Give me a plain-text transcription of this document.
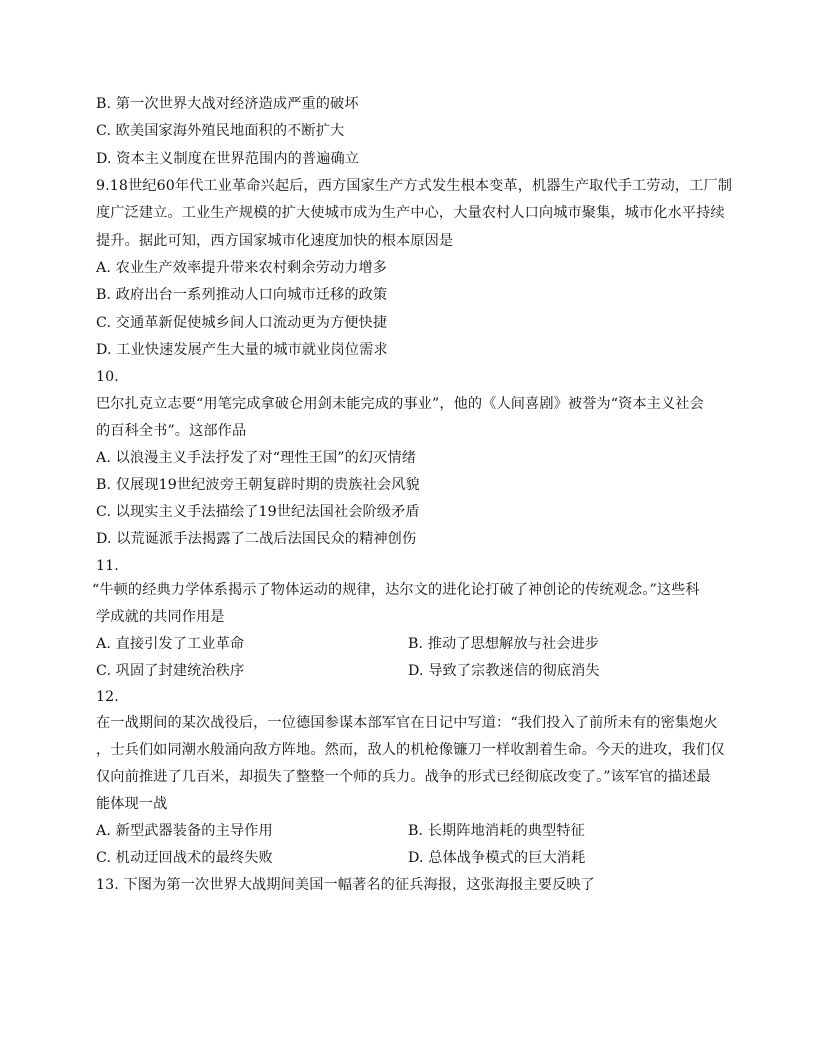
B. 第一次世界大战对经济造成严重的破坏
C. 欧美国家海外殖民地面积的不断扩大
D. 资本主义制度在世界范围内的普遍确立
9.18世纪60年代工业革命兴起后，西方国家生产方式发生根本变革，机器生产取代手工劳动，工厂制
度广泛建立。工业生产规模的扩大使城市成为生产中心，大量农村人口向城市聚集，城市化水平持续
提升。据此可知，西方国家城市化速度加快的根本原因是
A. 农业生产效率提升带来农村剩余劳动力增多
B. 政府出台一系列推动人口向城市迁移的政策
C. 交通革新促使城乡间人口流动更为方便快捷
D. 工业快速发展产生大量的城市就业岗位需求
10.
巴尔扎克立志要“用笔完成拿破仑用剑未能完成的事业”，他的《人间喜剧》被誉为“资本主义社会
的百科全书”。这部作品
A. 以浪漫主义手法抒发了对“理性王国”的幻灭情绪
B. 仅展现19世纪波旁王朝复辟时期的贵族社会风貌
C. 以现实主义手法描绘了19世纪法国社会阶级矛盾
D. 以荒诞派手法揭露了二战后法国民众的精神创伤
11.
“牛顿的经典力学体系揭示了物体运动的规律，达尔文的进化论打破了神创论的传统观念。”这些科
学成就的共同作用是
A. 直接引发了工业革命	B. 推动了思想解放与社会进步
C. 巩固了封建统治秩序	D. 导致了宗教迷信的彻底消失
12.
在一战期间的某次战役后，一位德国参谋本部军官在日记中写道：“我们投入了前所未有的密集炮火
，士兵们如同潮水般涌向敌方阵地。然而，敌人的机枪像镰刀一样收割着生命。今天的进攻，我们仅
仅向前推进了几百米，却损失了整整一个师的兵力。战争的形式已经彻底改变了。”该军官的描述最
能体现一战
A. 新型武器装备的主导作用	B. 长期阵地消耗的典型特征
C. 机动迂回战术的最终失败	D. 总体战争模式的巨大消耗
13. 下图为第一次世界大战期间美国一幅著名的征兵海报，这张海报主要反映了
